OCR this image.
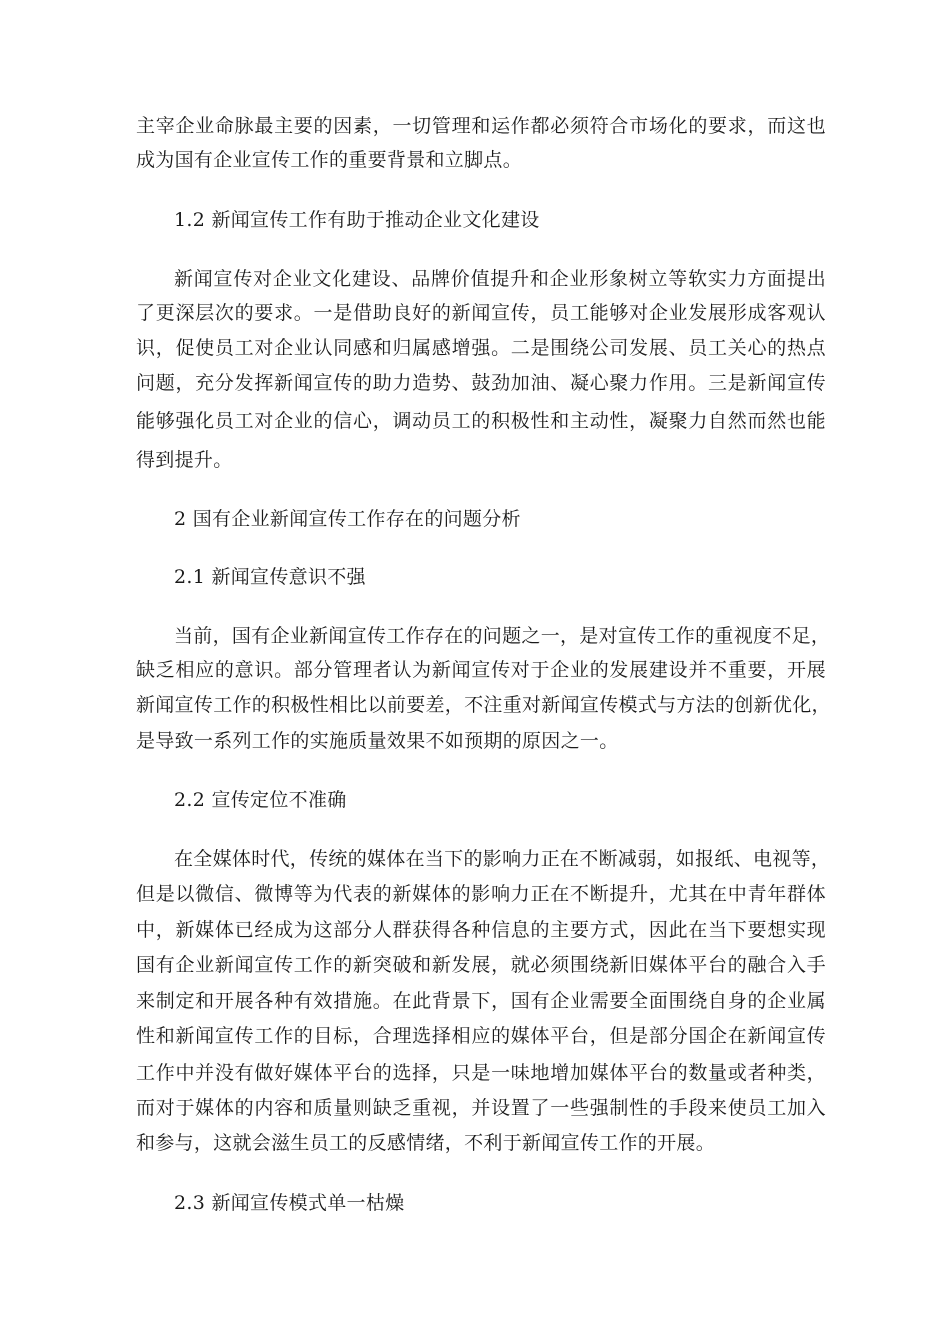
主宰企业命脉最主要的因素，一切管理和运作都必须符合市场化的要求，而这也
成为国有企业宣传工作的重要背景和立脚点。
1.2 新闻宣传工作有助于推动企业文化建设
新闻宣传对企业文化建设、品牌价值提升和企业形象树立等软实力方面提出
了更深层次的要求。一是借助良好的新闻宣传，员工能够对企业发展形成客观认
识，促使员工对企业认同感和归属感增强。二是围绕公司发展、员工关心的热点
问题，充分发挥新闻宣传的助力造势、鼓劲加油、凝心聚力作用。三是新闻宣传
能够强化员工对企业的信心，调动员工的积极性和主动性，凝聚力自然而然也能
得到提升。
2 国有企业新闻宣传工作存在的问题分析
2.1 新闻宣传意识不强
当前，国有企业新闻宣传工作存在的问题之一，是对宣传工作的重视度不足，
缺乏相应的意识。部分管理者认为新闻宣传对于企业的发展建设并不重要，开展
新闻宣传工作的积极性相比以前要差，不注重对新闻宣传模式与方法的创新优化，
是导致一系列工作的实施质量效果不如预期的原因之一。
2.2 宣传定位不准确
在全媒体时代，传统的媒体在当下的影响力正在不断减弱，如报纸、电视等，
但是以微信、微博等为代表的新媒体的影响力正在不断提升，尤其在中青年群体
中，新媒体已经成为这部分人群获得各种信息的主要方式，因此在当下要想实现
国有企业新闻宣传工作的新突破和新发展，就必须围绕新旧媒体平台的融合入手
来制定和开展各种有效措施。在此背景下，国有企业需要全面围绕自身的企业属
性和新闻宣传工作的目标，合理选择相应的媒体平台，但是部分国企在新闻宣传
工作中并没有做好媒体平台的选择，只是一味地增加媒体平台的数量或者种类，
而对于媒体的内容和质量则缺乏重视，并设置了一些强制性的手段来使员工加入
和参与，这就会滋生员工的反感情绪，不利于新闻宣传工作的开展。
2.3 新闻宣传模式单一枯燥
